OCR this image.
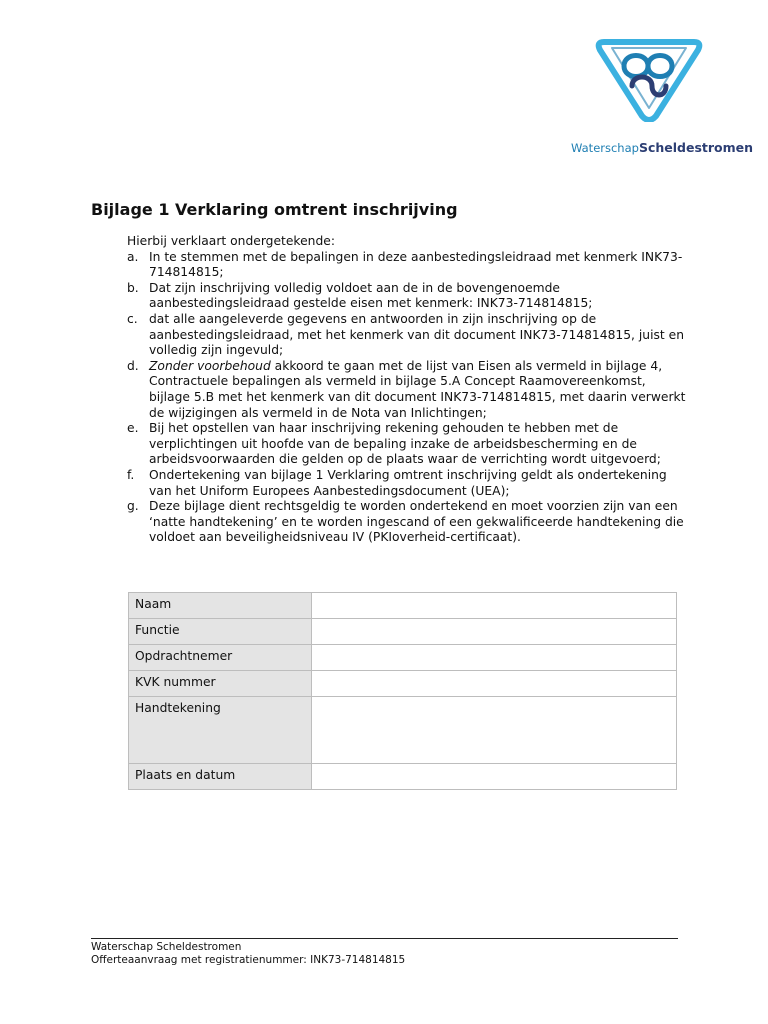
WaterschapScheldestromen
Bijlage 1 Verklaring omtrent inschrijving

Hierbij verklaart ondergetekende:

a. In te stemmen met de bepalingen in deze aanbestedingsleidraad met kenmerk INK73-714814815;
b. Dat zijn inschrijving volledig voldoet aan de in de bovengenoemde aanbestedingsleidraad gestelde eisen met kenmerk: INK73-714814815;
c. dat alle aangeleverde gegevens en antwoorden in zijn inschrijving op de aanbestedingsleidraad, met het kenmerk van dit document INK73-714814815, juist en volledig zijn ingevuld;
d. Zonder voorbehoud akkoord te gaan met de lijst van Eisen als vermeld in bijlage 4, Contractuele bepalingen als vermeld in bijlage 5.A Concept Raamovereenkomst, bijlage 5.B met het kenmerk van dit document INK73-714814815, met daarin verwerkt de wijzigingen als vermeld in de Nota van Inlichtingen;
e. Bij het opstellen van haar inschrijving rekening gehouden te hebben met de verplichtingen uit hoofde van de bepaling inzake de arbeidsbescherming en de arbeidsvoorwaarden die gelden op de plaats waar de verrichting wordt uitgevoerd;
f. Ondertekening van bijlage 1 Verklaring omtrent inschrijving geldt als ondertekening van het Uniform Europees Aanbestedingsdocument (UEA);
g. Deze bijlage dient rechtsgeldig te worden ondertekend en moet voorzien zijn van een ‘natte handtekening’ en te worden ingescand of een gekwalificeerde handtekening die voldoet aan beveiligheidsniveau IV (PKIoverheid-certificaat).
Naam	
Functie	
Opdrachtnemer	
KVK nummer	
Handtekening	
Plaats en datum	
Waterschap Scheldestromen
Offerteaanvraag met registratienummer: INK73-714814815
